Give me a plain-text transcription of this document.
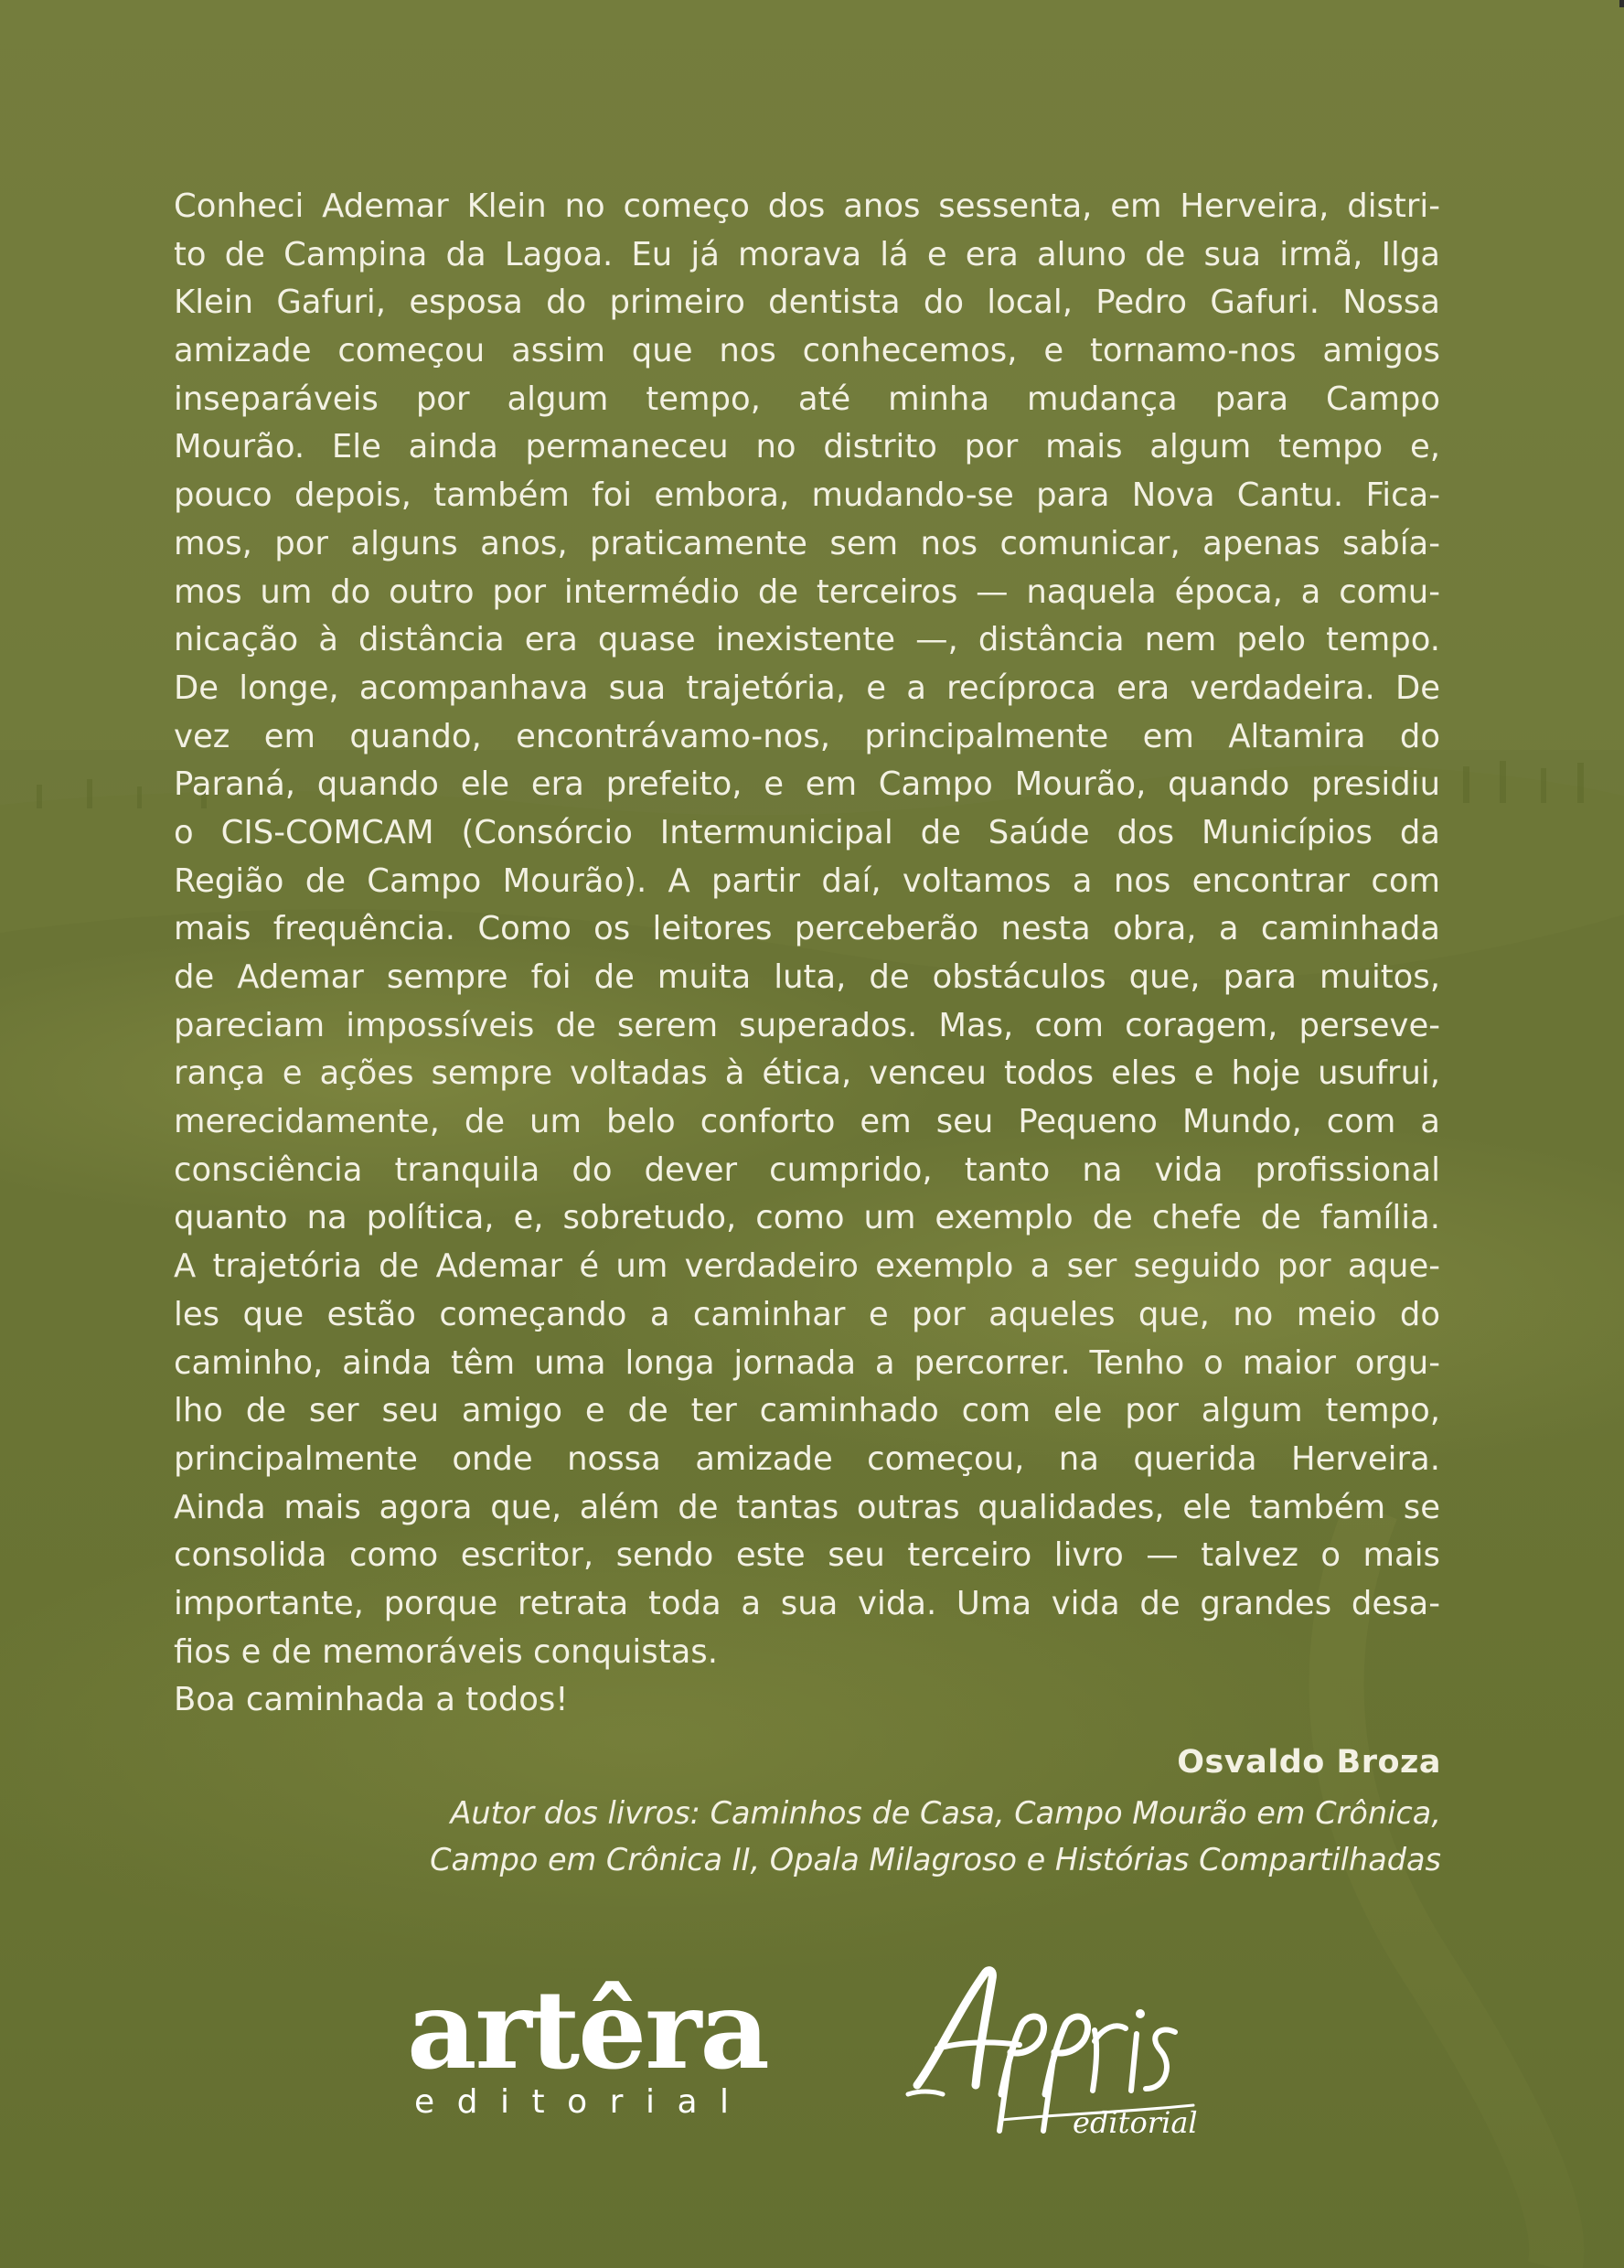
Conheci Ademar Klein no começo dos anos sessenta, em Herveira, distri-
to de Campina da Lagoa. Eu já morava lá e era aluno de sua irmã, Ilga
Klein Gafuri, esposa do primeiro dentista do local, Pedro Gafuri. Nossa
amizade começou assim que nos conhecemos, e tornamo-nos amigos
inseparáveis por algum tempo, até minha mudança para Campo
Mourão. Ele ainda permaneceu no distrito por mais algum tempo e,
pouco depois, também foi embora, mudando-se para Nova Cantu. Fica-
mos, por alguns anos, praticamente sem nos comunicar, apenas sabía-
mos um do outro por intermédio de terceiros — naquela época, a comu-
nicação à distância era quase inexistente —, distância nem pelo tempo.
De longe, acompanhava sua trajetória, e a recíproca era verdadeira. De
vez em quando, encontrávamo-nos, principalmente em Altamira do
Paraná, quando ele era prefeito, e em Campo Mourão, quando presidiu
o CIS-COMCAM (Consórcio Intermunicipal de Saúde dos Municípios da
Região de Campo Mourão). A partir daí, voltamos a nos encontrar com
mais frequência. Como os leitores perceberão nesta obra, a caminhada
de Ademar sempre foi de muita luta, de obstáculos que, para muitos,
pareciam impossíveis de serem superados. Mas, com coragem, perseve-
rança e ações sempre voltadas à ética, venceu todos eles e hoje usufrui,
merecidamente, de um belo conforto em seu Pequeno Mundo, com a
consciência tranquila do dever cumprido, tanto na vida profissional
quanto na política, e, sobretudo, como um exemplo de chefe de família.
A trajetória de Ademar é um verdadeiro exemplo a ser seguido por aque-
les que estão começando a caminhar e por aqueles que, no meio do
caminho, ainda têm uma longa jornada a percorrer. Tenho o maior orgu-
lho de ser seu amigo e de ter caminhado com ele por algum tempo,
principalmente onde nossa amizade começou, na querida Herveira.
Ainda mais agora que, além de tantas outras qualidades, ele também se
consolida como escritor, sendo este seu terceiro livro — talvez o mais
importante, porque retrata toda a sua vida. Uma vida de grandes desa-
fios e de memoráveis conquistas.
Boa caminhada a todos!
Osvaldo Broza
Autor dos livros: Caminhos de Casa, Campo Mourão em Crônica,
Campo em Crônica II, Opala Milagroso e Histórias Compartilhadas
artêra
editorial
editorial
